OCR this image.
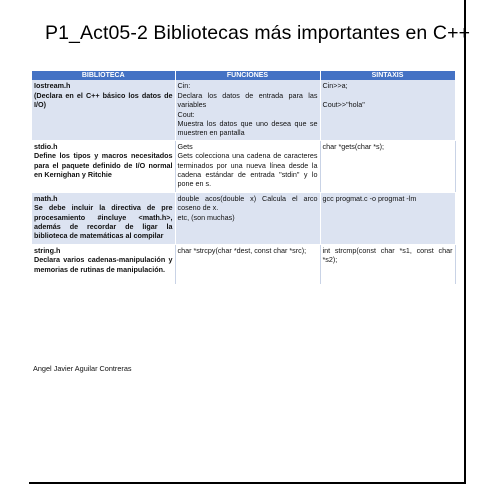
P1_Act05-2 Bibliotecas más importantes en C++
BIBLIOTECA	FUNCIONES	SINTAXIS

Iostream.h
(Declara en el C++ básico los datos de I/O)	Cin:
Declara los datos de entrada para las variables
Cout:
Muestra los datos que uno desea que se muestren en pantalla	Cin>>a;
Cout>>"hola"

stdio.h
Define los tipos y macros necesitados para el paquete definido de I/O normal en Kernighan y Ritchie	Gets
Gets colecciona una cadena de caracteres terminados por una nueva línea desde la cadena estándar de entrada "stdin" y lo pone en s.	char *gets(char *s);

math.h
Se debe incluir la directiva de pre procesamiento #incluye <math.h>, además de recordar de ligar la biblioteca de matemáticas al compilar	double acos(double x) Calcula el arco coseno de x.
etc, (son muchas)	gcc progmat.c -o progmat -lm

string.h
Declara varios cadenas-manipulación y memorias de rutinas de manipulación.	char *strcpy(char *dest, const char *src);	int strcmp(const char *s1, const char *s2);
Angel Javier Aguilar Contreras
